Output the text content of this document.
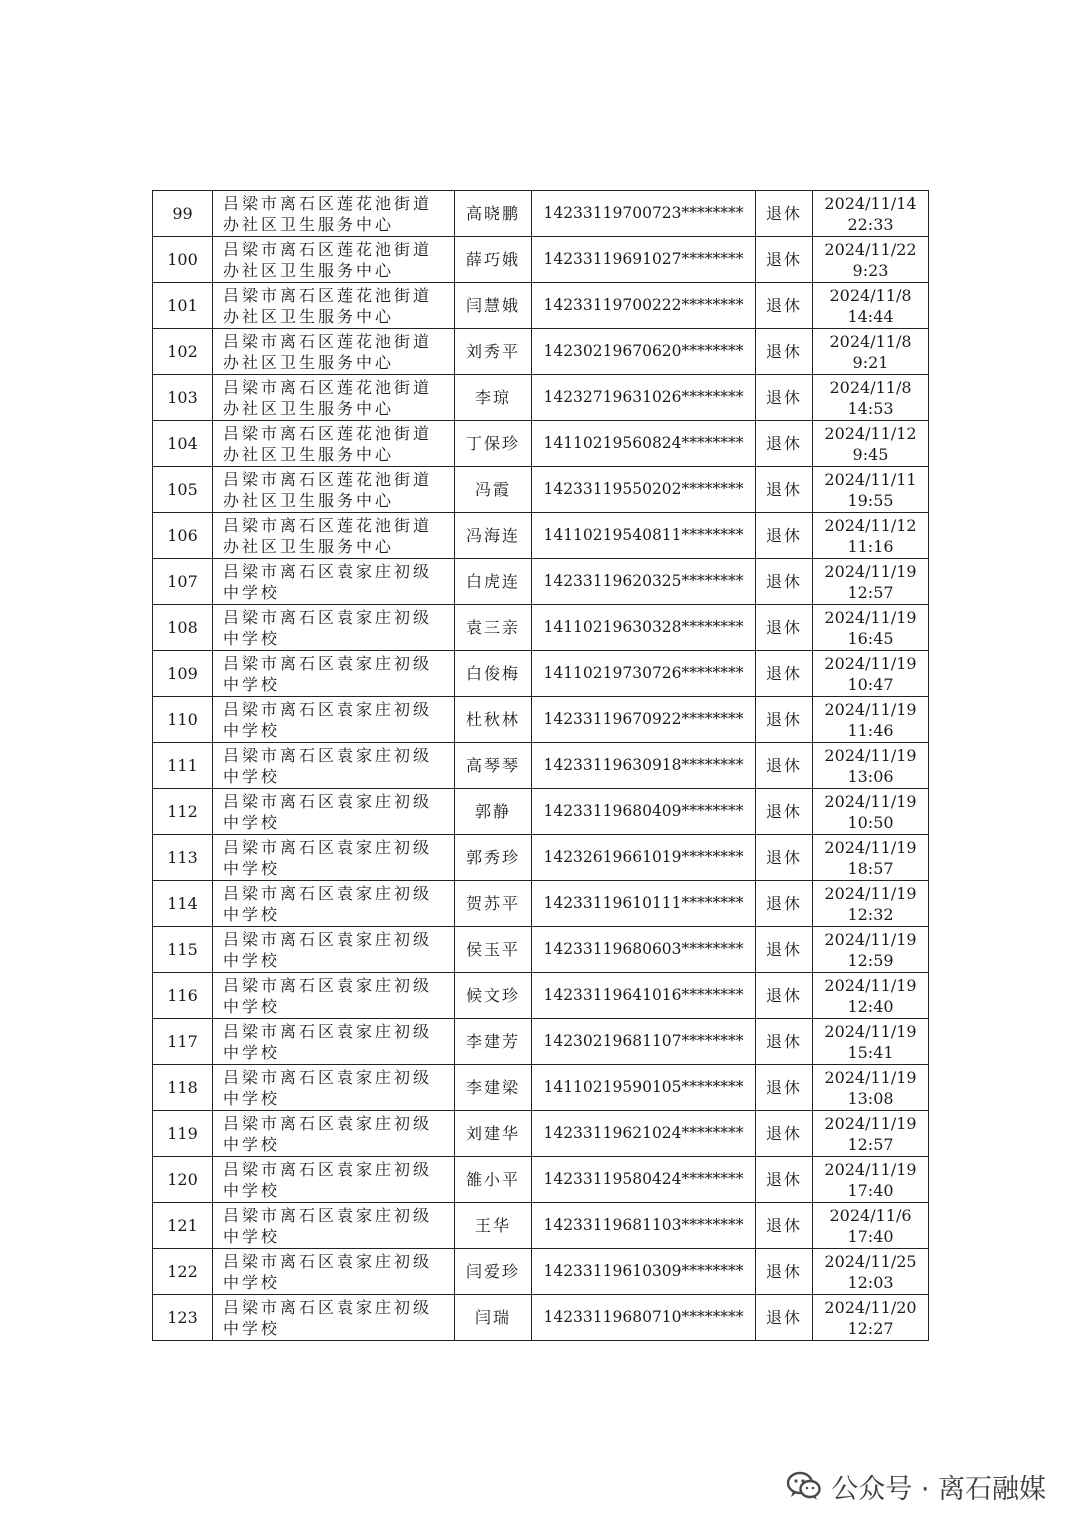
99	吕梁市离石区莲花池街道办社区卫生服务中心	高晓鹏	14233119700723********	退休	2024/11/14
22:33

100	吕梁市离石区莲花池街道办社区卫生服务中心	薛巧娥	14233119691027********	退休	2024/11/22
9:23

101	吕梁市离石区莲花池街道办社区卫生服务中心	闫慧娥	14233119700222********	退休	2024/11/8
14:44

102	吕梁市离石区莲花池街道办社区卫生服务中心	刘秀平	14230219670620********	退休	2024/11/8
9:21

103	吕梁市离石区莲花池街道办社区卫生服务中心	李琼	14232719631026********	退休	2024/11/8
14:53

104	吕梁市离石区莲花池街道办社区卫生服务中心	丁保珍	14110219560824********	退休	2024/11/12
9:45

105	吕梁市离石区莲花池街道办社区卫生服务中心	冯霞	14233119550202********	退休	2024/11/11
19:55

106	吕梁市离石区莲花池街道办社区卫生服务中心	冯海连	14110219540811********	退休	2024/11/12
11:16

107	吕梁市离石区袁家庄初级中学校	白虎连	14233119620325********	退休	2024/11/19
12:57

108	吕梁市离石区袁家庄初级中学校	袁三亲	14110219630328********	退休	2024/11/19
16:45

109	吕梁市离石区袁家庄初级中学校	白俊梅	14110219730726********	退休	2024/11/19
10:47

110	吕梁市离石区袁家庄初级中学校	杜秋林	14233119670922********	退休	2024/11/19
11:46

111	吕梁市离石区袁家庄初级中学校	高琴琴	14233119630918********	退休	2024/11/19
13:06

112	吕梁市离石区袁家庄初级中学校	郭静	14233119680409********	退休	2024/11/19
10:50

113	吕梁市离石区袁家庄初级中学校	郭秀珍	14232619661019********	退休	2024/11/19
18:57

114	吕梁市离石区袁家庄初级中学校	贺苏平	14233119610111********	退休	2024/11/19
12:32

115	吕梁市离石区袁家庄初级中学校	侯玉平	14233119680603********	退休	2024/11/19
12:59

116	吕梁市离石区袁家庄初级中学校	候文珍	14233119641016********	退休	2024/11/19
12:40

117	吕梁市离石区袁家庄初级中学校	李建芳	14230219681107********	退休	2024/11/19
15:41

118	吕梁市离石区袁家庄初级中学校	李建梁	14110219590105********	退休	2024/11/19
13:08

119	吕梁市离石区袁家庄初级中学校	刘建华	14233119621024********	退休	2024/11/19
12:57

120	吕梁市离石区袁家庄初级中学校	雒小平	14233119580424********	退休	2024/11/19
17:40

121	吕梁市离石区袁家庄初级中学校	王华	14233119681103********	退休	2024/11/6
17:40

122	吕梁市离石区袁家庄初级中学校	闫爱珍	14233119610309********	退休	2024/11/25
12:03

123	吕梁市离石区袁家庄初级中学校	闫瑞	14233119680710********	退休	2024/11/20
12:27
公众号 · 离石融媒
